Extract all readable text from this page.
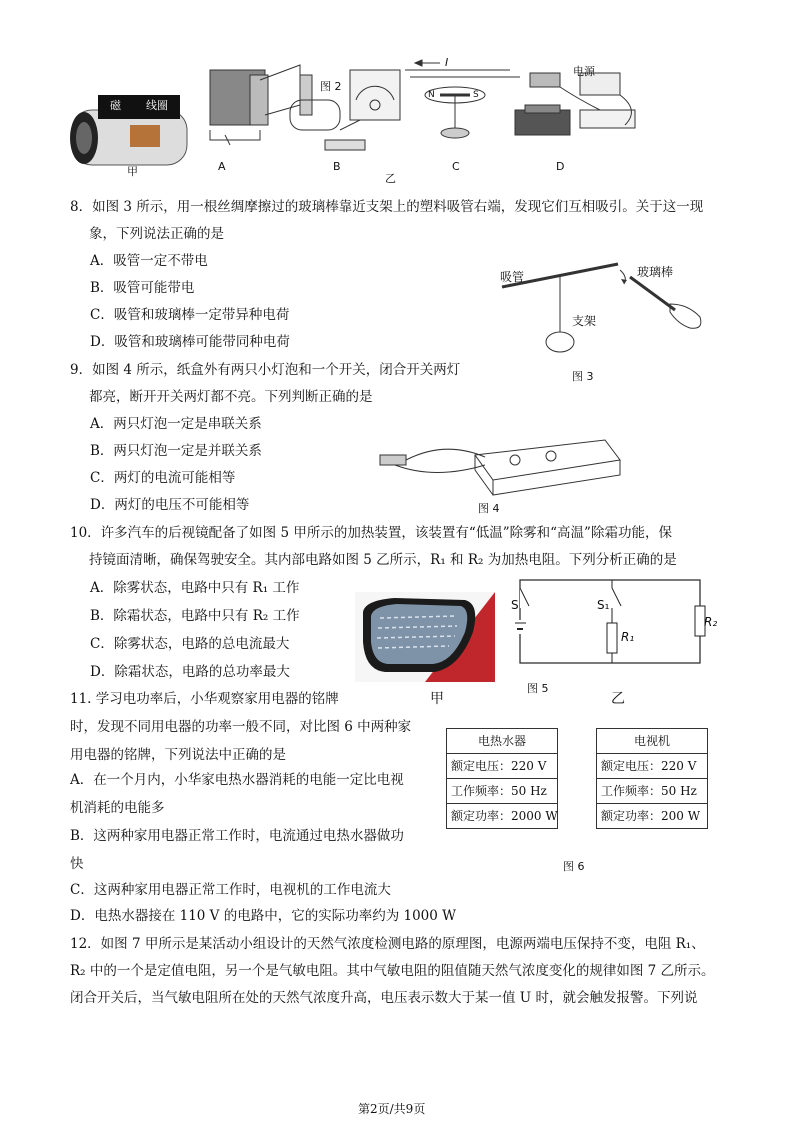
磁 线圈
图 2
电源
I
N	S
甲	A	B	C	D
乙
8．如图 3 所示，用一根丝绸摩擦过的玻璃棒靠近支架上的塑料吸管右端，发现它们互相吸引。关于这一现
象，下列说法正确的是
A．吸管一定不带电
B．吸管可能带电
C．吸管和玻璃棒一定带异种电荷
D．吸管和玻璃棒可能带同种电荷
吸管	玻璃棒
支架
图 3
9．如图 4 所示，纸盒外有两只小灯泡和一个开关，闭合开关两灯
都亮，断开开关两灯都不亮。下列判断正确的是
A．两只灯泡一定是串联关系
B．两只灯泡一定是并联关系
C．两灯的电流可能相等
D．两灯的电压不可能相等	图 4
10．许多汽车的后视镜配备了如图 5 甲所示的加热装置，该装置有“低温”除雾和“高温”除霜功能，保
持镜面清晰，确保驾驶安全。其内部电路如图 5 乙所示，R₁ 和 R₂ 为加热电阻。下列分析正确的是
A．除雾状态，电路中只有 R₁ 工作
B．除霜状态，电路中只有 R₂ 工作
C．除雾状态，电路的总电流最大
D．除霜状态，电路的总功率最大
甲
S	S₁
R₁
R₂
图 5
乙
11. 学习电功率后，小华观察家用电器的铭牌
时，发现不同用电器的功率一般不同，对比图 6 中两种家
用电器的铭牌，下列说法中正确的是
A．在一个月内，小华家电热水器消耗的电能一定比电视
机消耗的电能多
B．这两种家用电器正常工作时，电流通过电热水器做功
快
C．这两种家用电器正常工作时，电视机的工作电流大
D．电热水器接在 110 V 的电路中，它的实际功率约为 1000 W
电热水器
额定电压：220 V
工作频率：50 Hz
额定功率：2000 W
电视机
额定电压：220 V
工作频率：50 Hz
额定功率：200 W
图 6
12．如图 7 甲所示是某活动小组设计的天然气浓度检测电路的原理图，电源两端电压保持不变，电阻 R₁、
R₂ 中的一个是定值电阻，另一个是气敏电阻。其中气敏电阻的阻值随天然气浓度变化的规律如图 7 乙所示。
闭合开关后，当气敏电阻所在处的天然气浓度升高，电压表示数大于某一值 U 时，就会触发报警。下列说
第2页/共9页
